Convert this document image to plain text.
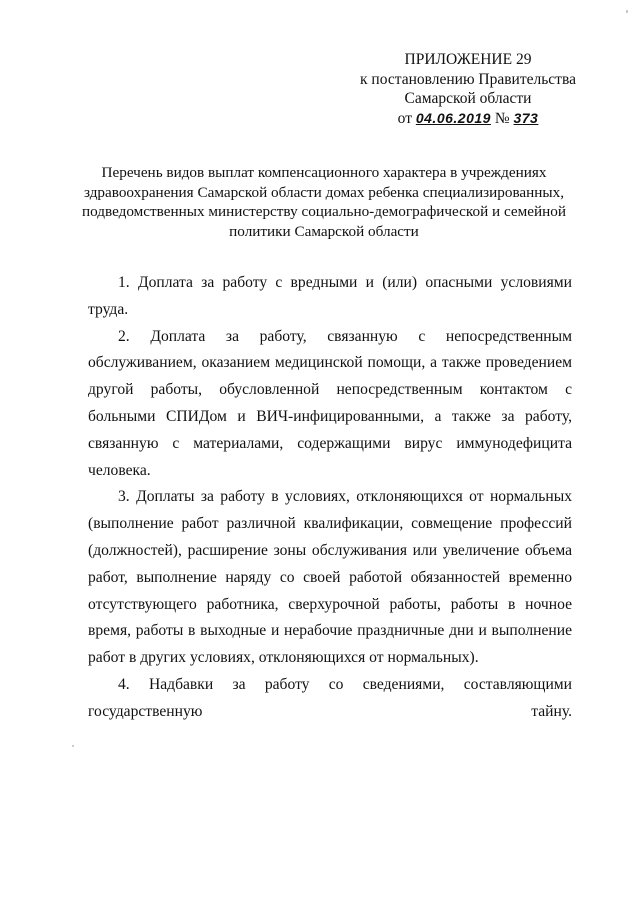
ПРИЛОЖЕНИЕ 29
к постановлению Правительства
Самарской области
от 04.06.2019 № 373
Перечень видов выплат компенсационного характера в учреждениях здравоохранения Самарской области домах ребенка специализированных, подведомственных министерству социально-демографической и семейной политики Самарской области

1. Доплата за работу с вредными и (или) опасными условиями труда.

2. Доплата за работу, связанную с непосредственным обслуживанием, оказанием медицинской помощи, а также проведением другой работы, обусловленной непосредственным контактом с больными СПИДом и ВИЧ-инфицированными, а также за работу, связанную с материалами, содержащими вирус иммунодефицита человека.

3. Доплаты за работу в условиях, отклоняющихся от нормальных (выполнение работ различной квалификации, совмещение профессий (должностей), расширение зоны обслуживания или увеличение объема работ, выполнение наряду со своей работой обязанностей временно отсутствующего работника, сверхурочной работы, работы в ночное время, работы в выходные и нерабочие праздничные дни и выполнение работ в других условиях, отклоняющихся от нормальных).

4. Надбавки за работу со сведениями, составляющими государственную тайну.
